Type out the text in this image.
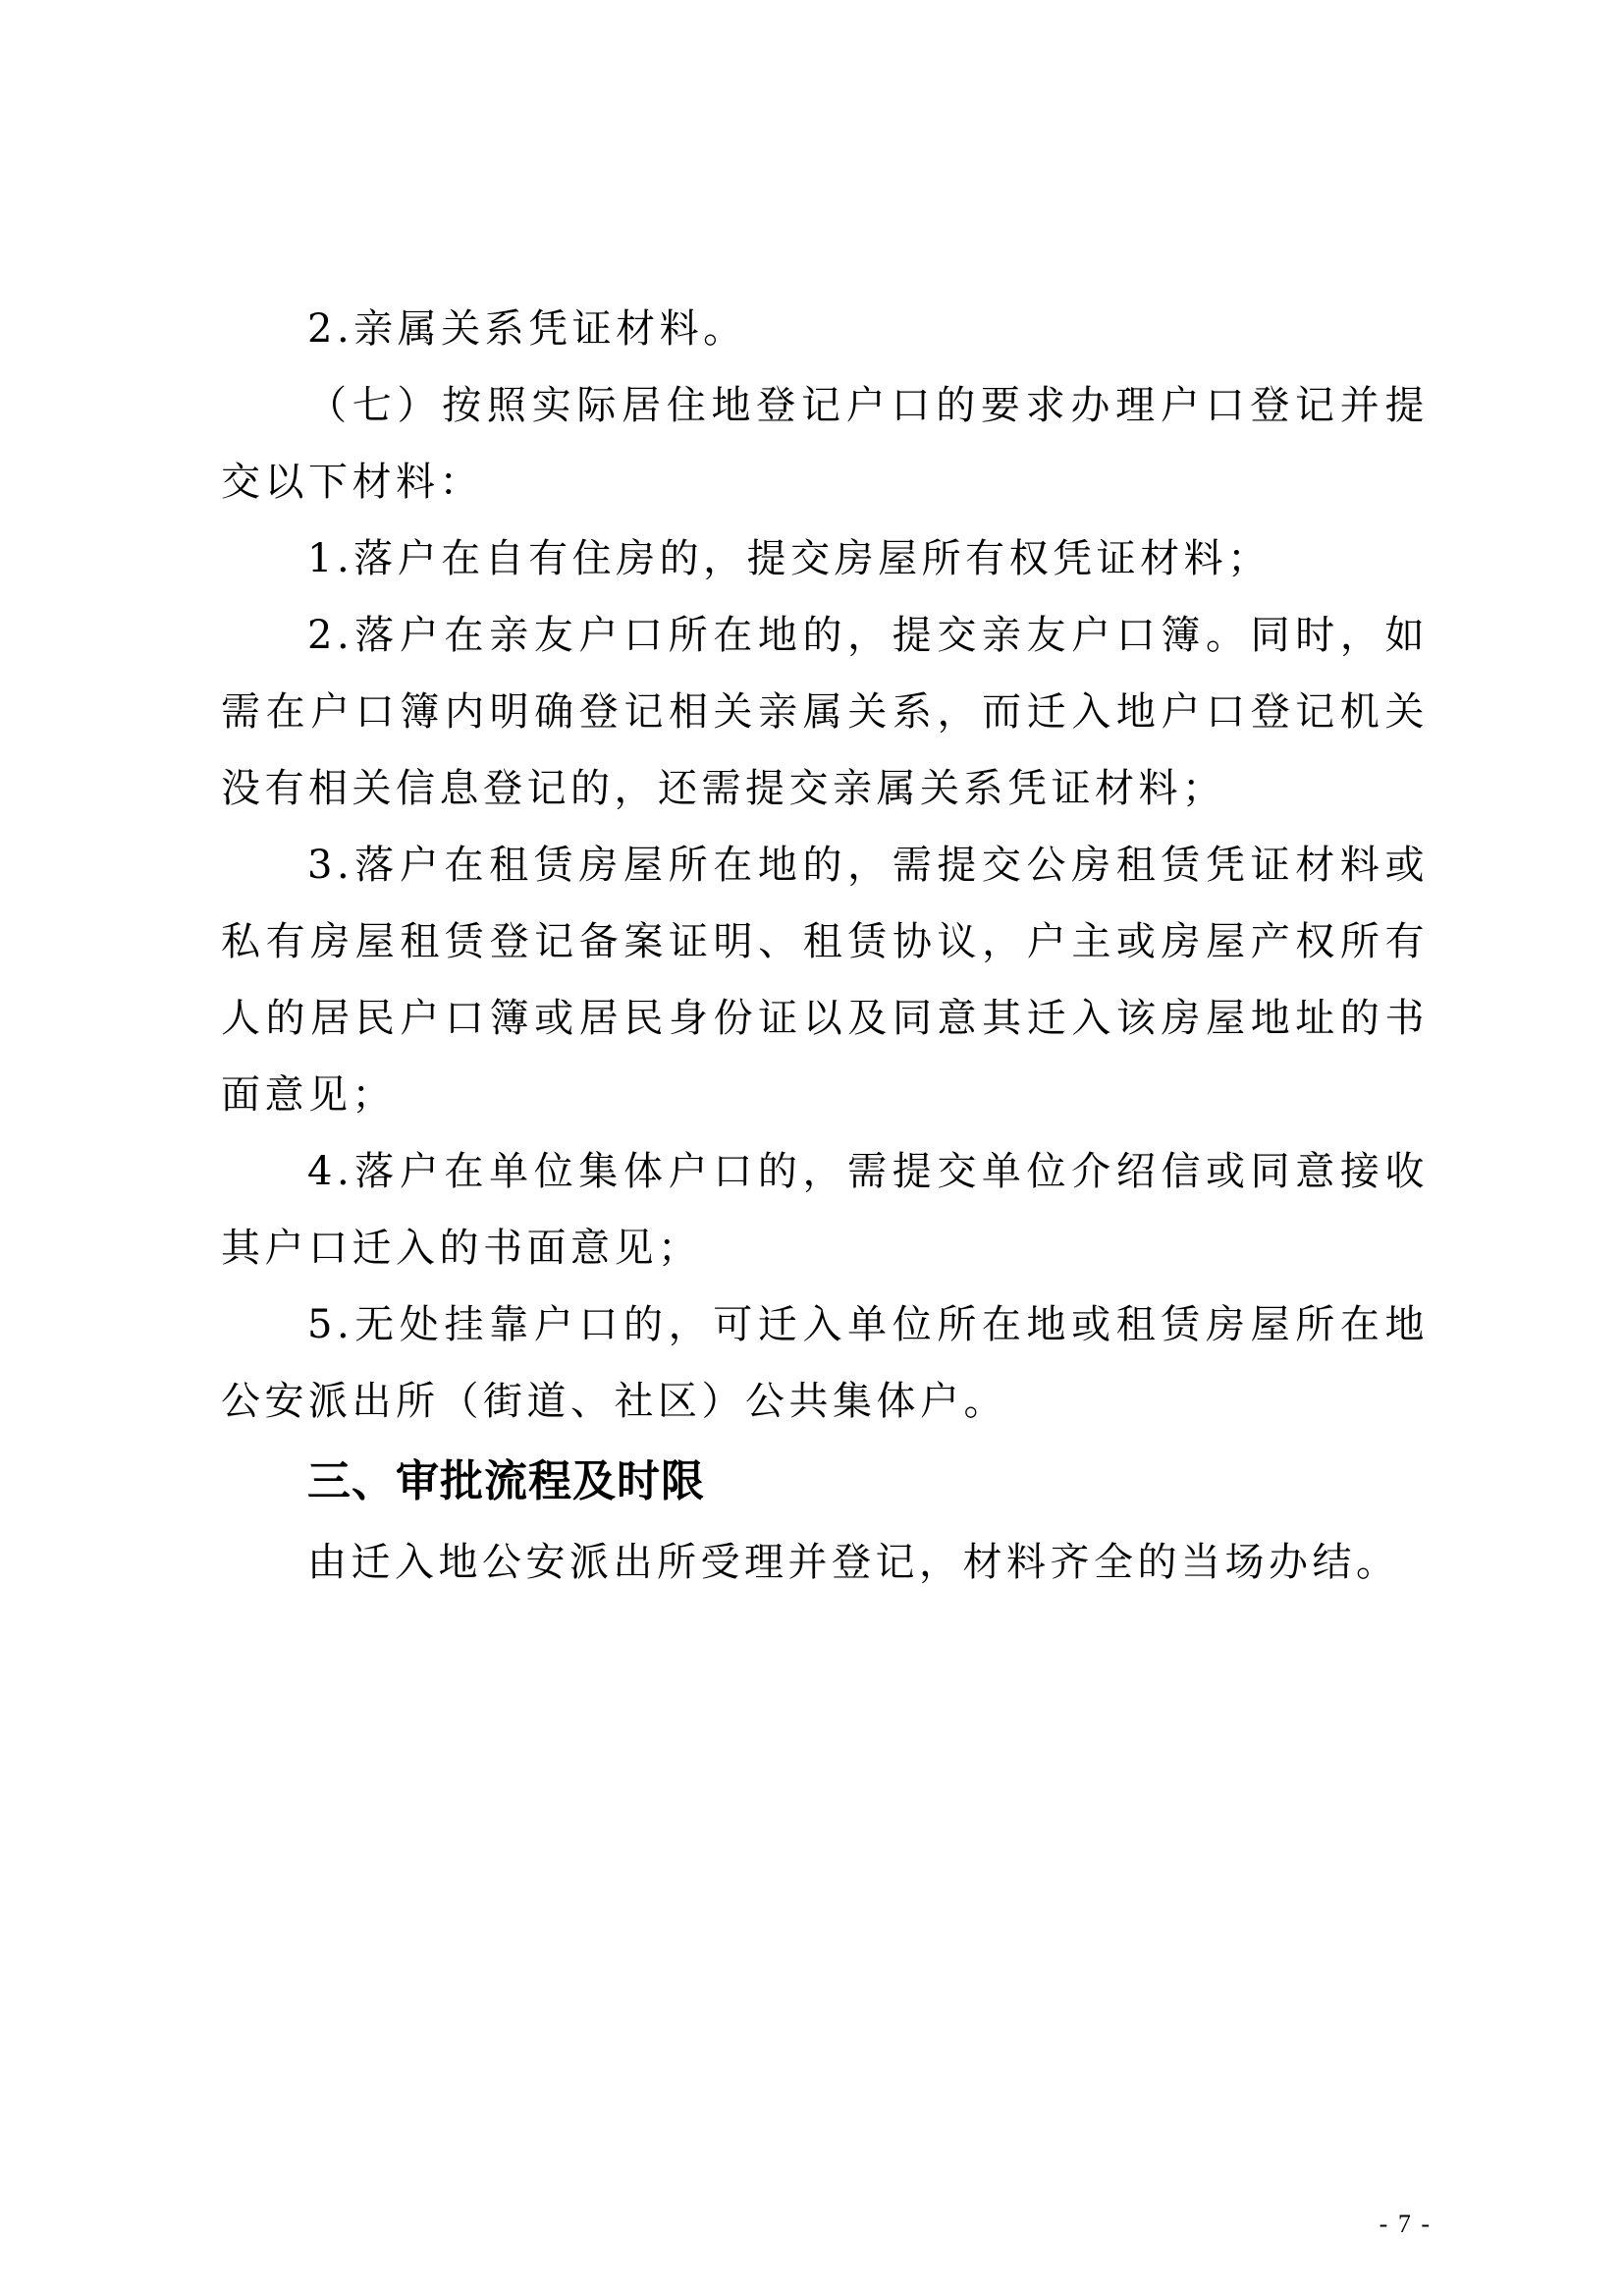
2.亲属关系凭证材料。

（七）按照实际居住地登记户口的要求办理户口登记并提交以下材料：

1.落户在自有住房的，提交房屋所有权凭证材料；

2.落户在亲友户口所在地的，提交亲友户口簿。同时，如需在户口簿内明确登记相关亲属关系，而迁入地户口登记机关没有相关信息登记的，还需提交亲属关系凭证材料；

3.落户在租赁房屋所在地的，需提交公房租赁凭证材料或私有房屋租赁登记备案证明、租赁协议，户主或房屋产权所有人的居民户口簿或居民身份证以及同意其迁入该房屋地址的书面意见；

4.落户在单位集体户口的，需提交单位介绍信或同意接收其户口迁入的书面意见；

5.无处挂靠户口的，可迁入单位所在地或租赁房屋所在地公安派出所（街道、社区）公共集体户。

三、审批流程及时限

由迁入地公安派出所受理并登记，材料齐全的当场办结。

- 7 -
